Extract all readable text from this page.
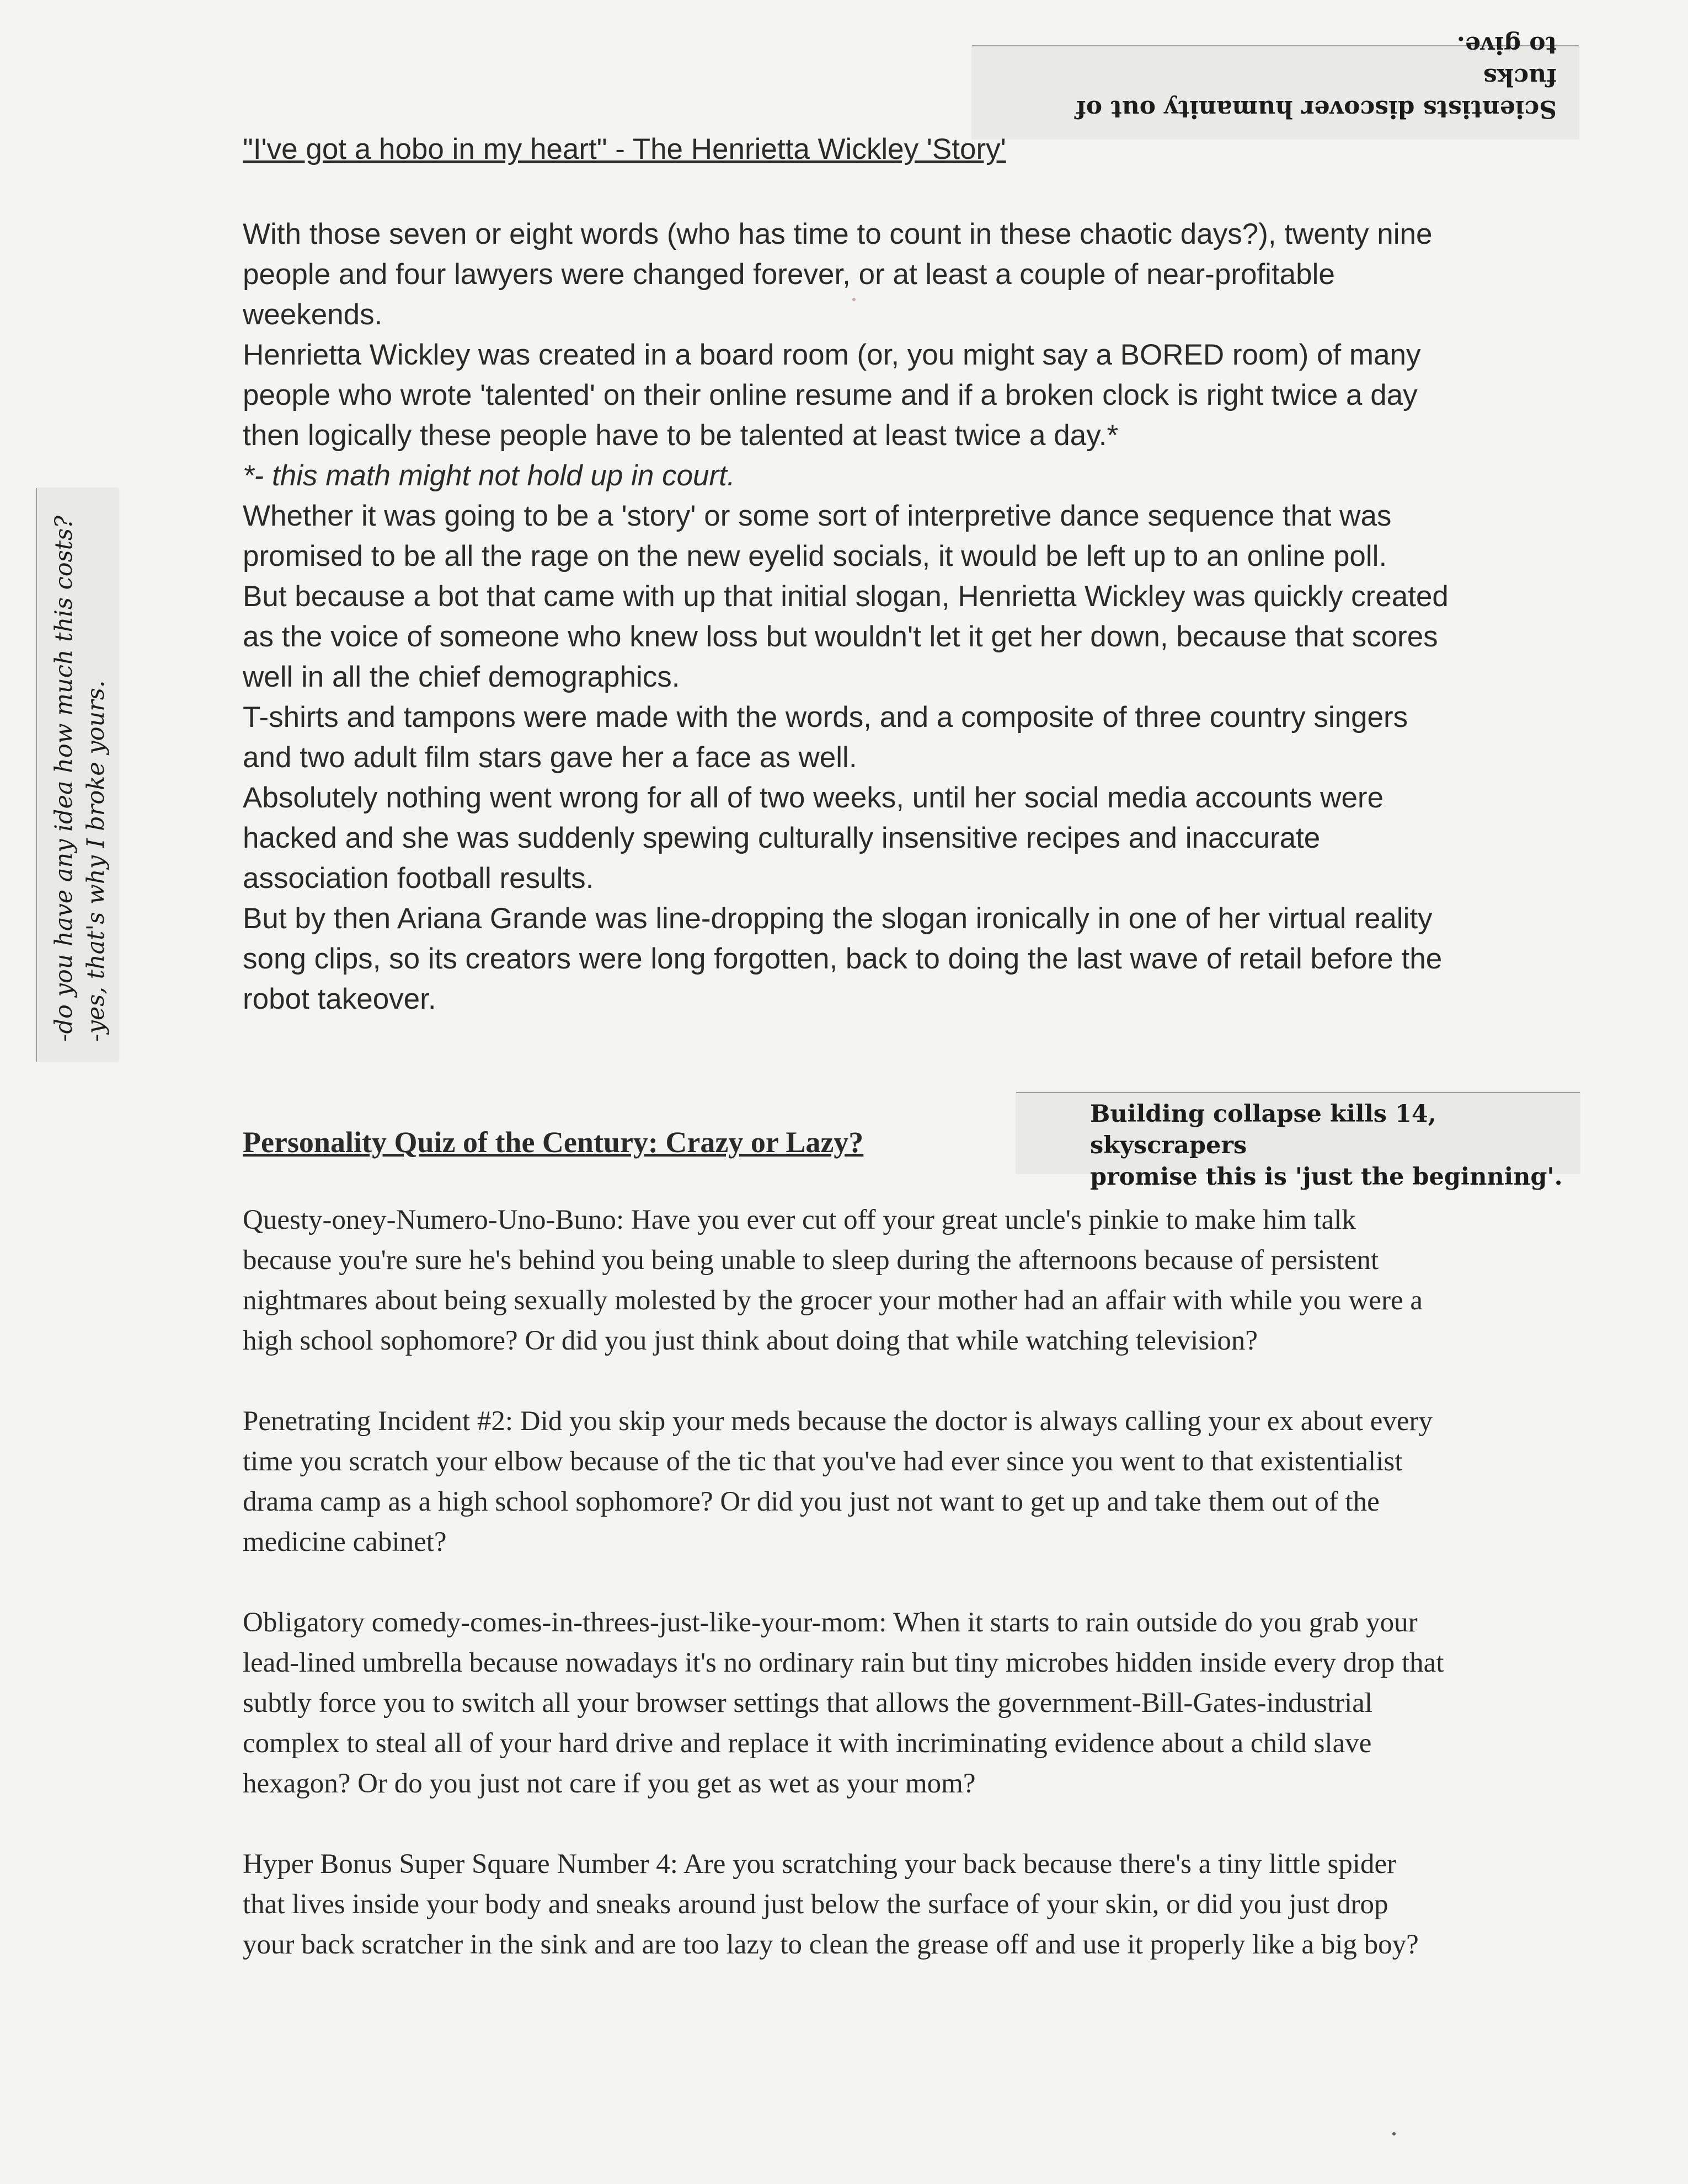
Scientists discover humanity out of fucks
to give.
"I've got a hobo in my heart" - The Henrietta Wickley 'Story'

With those seven or eight words (who has time to count in these chaotic days?), twenty nine people and four lawyers were changed forever, or at least a couple of near-profitable weekends.

Henrietta Wickley was created in a board room (or, you might say a BORED room) of many people who wrote 'talented' on their online resume and if a broken clock is right twice a day then logically these people have to be talented at least twice a day.*

*- this math might not hold up in court.

Whether it was going to be a 'story' or some sort of interpretive dance sequence that was promised to be all the rage on the new eyelid socials, it would be left up to an online poll.

But because a bot that came with up that initial slogan, Henrietta Wickley was quickly created as the voice of someone who knew loss but wouldn't let it get her down, because that scores well in all the chief demographics.

T-shirts and tampons were made with the words, and a composite of three country singers and two adult film stars gave her a face as well.

Absolutely nothing went wrong for all of two weeks, until her social media accounts were hacked and she was suddenly spewing culturally insensitive recipes and inaccurate association football results.

But by then Ariana Grande was line-dropping the slogan ironically in one of her virtual reality song clips, so its creators were long forgotten, back to doing the last wave of retail before the robot takeover.

-do you have any idea how much this costs? -yes, that's why I broke yours.
Building collapse kills 14, skyscrapers
promise this is 'just the beginning'.
Personality Quiz of the Century: Crazy or Lazy?

Questy-oney-Numero-Uno-Buno: Have you ever cut off your great uncle's pinkie to make him talk because you're sure he's behind you being unable to sleep during the afternoons because of persistent nightmares about being sexually molested by the grocer your mother had an affair with while you were a high school sophomore? Or did you just think about doing that while watching television?

Penetrating Incident #2: Did you skip your meds because the doctor is always calling your ex about every time you scratch your elbow because of the tic that you've had ever since you went to that existentialist drama camp as a high school sophomore? Or did you just not want to get up and take them out of the medicine cabinet?

Obligatory comedy-comes-in-threes-just-like-your-mom: When it starts to rain outside do you grab your lead-lined umbrella because nowadays it's no ordinary rain but tiny microbes hidden inside every drop that subtly force you to switch all your browser settings that allows the government-Bill-Gates-industrial complex to steal all of your hard drive and replace it with incriminating evidence about a child slave hexagon? Or do you just not care if you get as wet as your mom?

Hyper Bonus Super Square Number 4: Are you scratching your back because there's a tiny little spider that lives inside your body and sneaks around just below the surface of your skin, or did you just drop your back scratcher in the sink and are too lazy to clean the grease off and use it properly like a big boy?
